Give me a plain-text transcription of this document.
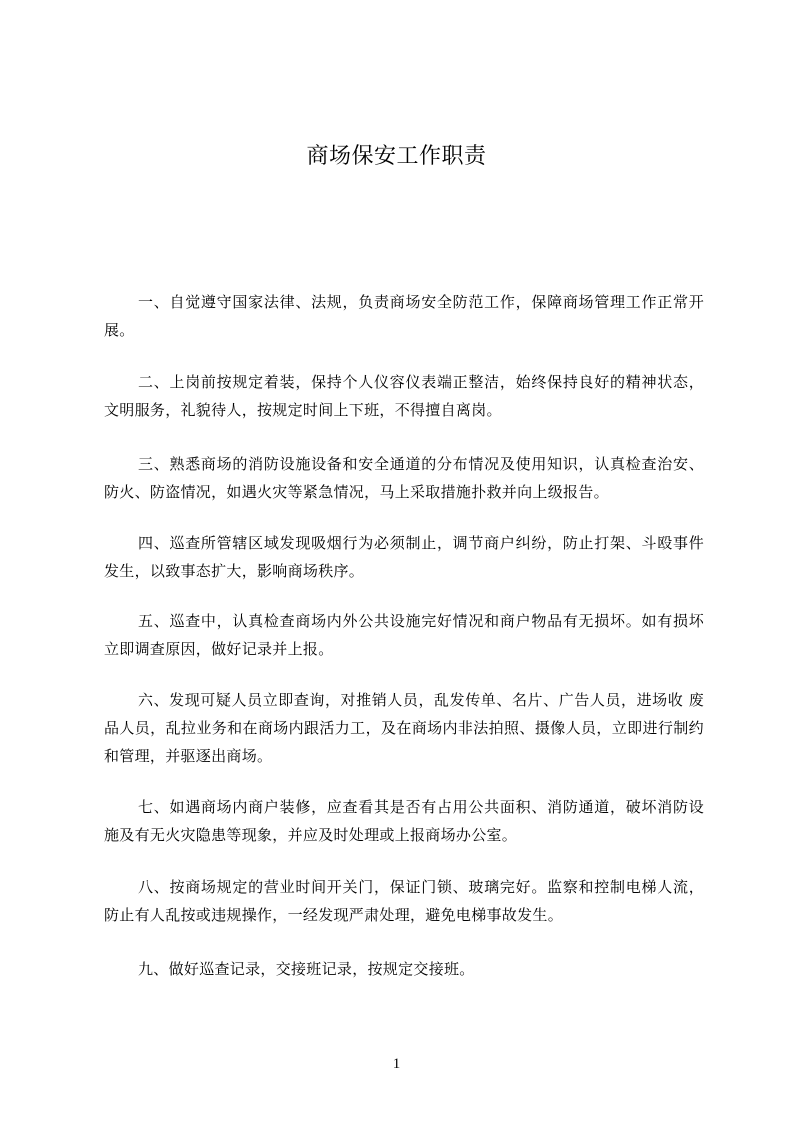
商场保安工作职责

一、自觉遵守国家法律、法规，负责商场安全防范工作，保障商场管理工作正常开展。

二、上岗前按规定着装，保持个人仪容仪表端正整洁，始终保持良好的精神状态，文明服务，礼貌待人，按规定时间上下班，不得擅自离岗。

三、熟悉商场的消防设施设备和安全通道的分布情况及使用知识，认真检查治安、防火、防盗情况，如遇火灾等紧急情况，马上采取措施扑救并向上级报告。

四、巡查所管辖区域发现吸烟行为必须制止，调节商户纠纷，防止打架、斗殴事件发生，以致事态扩大，影响商场秩序。

五、巡查中，认真检查商场内外公共设施完好情况和商户物品有无损坏。如有损坏立即调查原因，做好记录并上报。

六、发现可疑人员立即查询，对推销人员，乱发传单、名片、广告人员，进场收 废品人员，乱拉业务和在商场内跟活力工，及在商场内非法拍照、摄像人员，立即进行制约和管理，并驱逐出商场。

七、如遇商场内商户装修，应查看其是否有占用公共面积、消防通道，破坏消防设施及有无火灾隐患等现象，并应及时处理或上报商场办公室。

八、按商场规定的营业时间开关门，保证门锁、玻璃完好。监察和控制电梯人流，防止有人乱按或违规操作，一经发现严肃处理，避免电梯事故发生。

九、做好巡查记录，交接班记录，按规定交接班。

1
